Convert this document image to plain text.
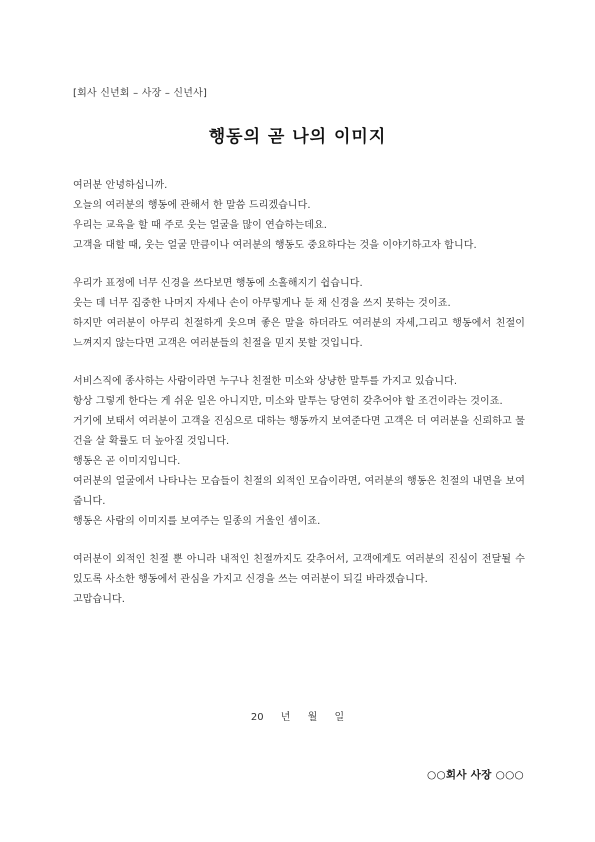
[회사 신년회 – 사장 – 신년사]
행동의 곧 나의 이미지

여러분 안녕하십니까.

오늘의 여러분의 행동에 관해서 한 말씀 드리겠습니다.

우리는 교육을 할 때 주로 웃는 얼굴을 많이 연습하는데요.

고객을 대할 때, 웃는 얼굴 만큼이나 여러분의 행동도 중요하다는 것을 이야기하고자 합니다.

우리가 표정에 너무 신경을 쓰다보면 행동에 소홀해지기 쉽습니다.

웃는 데 너무 집중한 나머지 자세나 손이 아무렇게나 둔 채 신경을 쓰지 못하는 것이죠.

하지만 여러분이 아무리 친절하게 웃으며 좋은 말을 하더라도 여러분의 자세,그리고 행동에서 친절이 느껴지지 않는다면 고객은 여러분들의 친절을 믿지 못할 것입니다.

서비스직에 종사하는 사람이라면 누구나 친절한 미소와 상냥한 말투를 가지고 있습니다.

항상 그렇게 한다는 게 쉬운 일은 아니지만, 미소와 말투는 당연히 갖추어야 할 조건이라는 것이죠.

거기에 보태서 여러분이 고객을 진심으로 대하는 행동까지 보여준다면 고객은 더 여러분을 신뢰하고 물건을 살 확률도 더 높아질 것입니다.

행동은 곧 이미지입니다.

여러분의 얼굴에서 나타나는 모습들이 친절의 외적인 모습이라면, 여러분의 행동은 친절의 내면을 보여줍니다.

행동은 사람의 이미지를 보여주는 일종의 거울인 셈이죠.

여러분이 외적인 친절 뿐 아니라 내적인 친절까지도 갖추어서, 고객에게도 여러분의 진심이 전달될 수 있도록 사소한 행동에서 관심을 가지고 신경을 쓰는 여러분이 되길 바라겠습니다.

고맙습니다.

20 년 월 일
○○회사 사장 ○○○
